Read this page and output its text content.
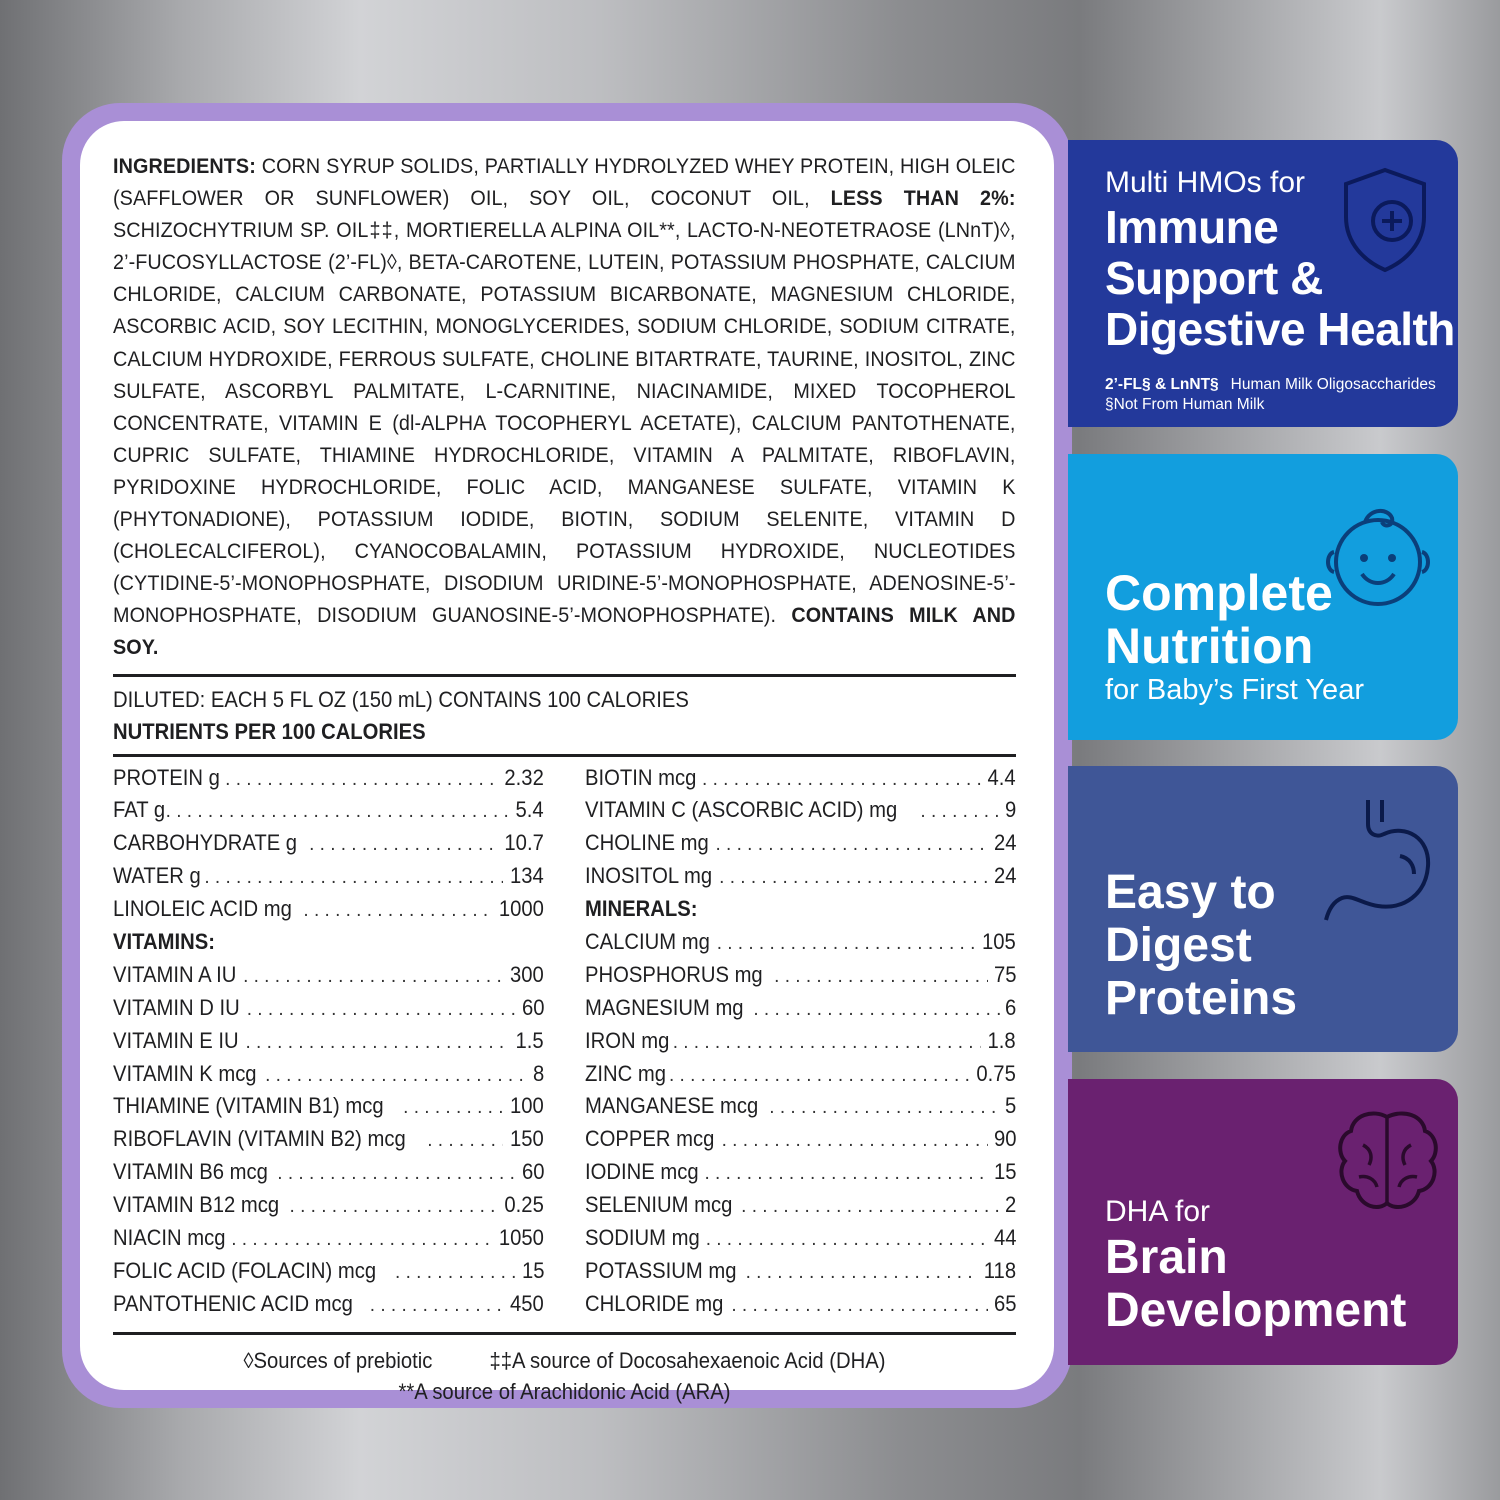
INGREDIENTS: CORN SYRUP SOLIDS, PARTIALLY HYDROLYZED WHEY PROTEIN, HIGH OLEIC (SAFFLOWER OR SUNFLOWER) OIL, SOY OIL, COCONUT OIL, LESS THAN 2%: SCHIZOCHYTRIUM SP. OIL‡‡, MORTIERELLA ALPINA OIL**, LACTO-N-NEOTETRAOSE (LNnT)◊, 2’-FUCOSYLLACTOSE (2’-FL)◊, BETA-CAROTENE, LUTEIN, POTASSIUM PHOSPHATE, CALCIUM CHLORIDE, CALCIUM CARBONATE, POTASSIUM BICARBONATE, MAGNESIUM CHLORIDE, ASCORBIC ACID, SOY LECITHIN, MONOGLYCERIDES, SODIUM CHLORIDE, SODIUM CITRATE, CALCIUM HYDROXIDE, FERROUS SULFATE, CHOLINE BITARTRATE, TAURINE, INOSITOL, ZINC SULFATE, ASCORBYL PALMITATE, L-CARNITINE, NIACINAMIDE, MIXED TOCOPHEROL CONCENTRATE, VITAMIN E (dl-ALPHA TOCOPHERYL ACETATE), CALCIUM PANTOTHENATE, CUPRIC SULFATE, THIAMINE HYDROCHLORIDE, VITAMIN A PALMITATE, RIBOFLAVIN, PYRIDOXINE HYDROCHLORIDE, FOLIC ACID, MANGANESE SULFATE, VITAMIN K (PHYTONADIONE), POTASSIUM IODIDE, BIOTIN, SODIUM SELENITE, VITAMIN D (CHOLECALCIFEROL), CYANOCOBALAMIN, POTASSIUM HYDROXIDE, NUCLEOTIDES (CYTIDINE-5’-MONOPHOSPHATE, DISODIUM URIDINE-5’-MONOPHOSPHATE, ADENOSINE-5’-MONOPHOSPHATE, DISODIUM GUANOSINE-5’-MONOPHOSPHATE). CONTAINS MILK AND SOY.
DILUTED: EACH 5 FL OZ (150 mL) CONTAINS 100 CALORIES
NUTRIENTS PER 100 CALORIES
PROTEIN g . . .	2.32
FAT g . . .	5.4
CARBOHYDRATE g . . .	10.7
WATER g . . .	134
LINOLEIC ACID mg . . .	1000
VITAMINS:
VITAMIN A IU . . .	300
VITAMIN D IU . . .	60
VITAMIN E IU . . .	1.5
VITAMIN K mcg . . .	8
THIAMINE (VITAMIN B1) mcg . . .	100
RIBOFLAVIN (VITAMIN B2) mcg . . .	150
VITAMIN B6 mcg . . .	60
VITAMIN B12 mcg . . .	0.25
NIACIN mcg . . .	1050
FOLIC ACID (FOLACIN) mcg . . .	15
PANTOTHENIC ACID mcg . . .	450
BIOTIN mcg . . .	4.4
VITAMIN C (ASCORBIC ACID) mg . . .	9
CHOLINE mg . . .	24
INOSITOL mg . . .	24
MINERALS:
CALCIUM mg . . .	105
PHOSPHORUS mg . . .	75
MAGNESIUM mg . . .	6
IRON mg . . .	1.8
ZINC mg . . .	0.75
MANGANESE mcg . . .	5
COPPER mcg . . .	90
IODINE mcg . . .	15
SELENIUM mcg . . .	2
SODIUM mg . . .	44
POTASSIUM mg . . .	118
CHLORIDE mg . . .	65
◊Sources of prebiotic	‡‡A source of Docosahexaenoic Acid (DHA)
**A source of Arachidonic Acid (ARA)
Multi HMOs for
Immune
Support &
Digestive Health
2’-FL§ & LnNT§ Human Milk Oligosaccharides
§Not From Human Milk
Complete
Nutrition
for Baby’s First Year
Easy to
Digest
Proteins
DHA for
Brain
Development
